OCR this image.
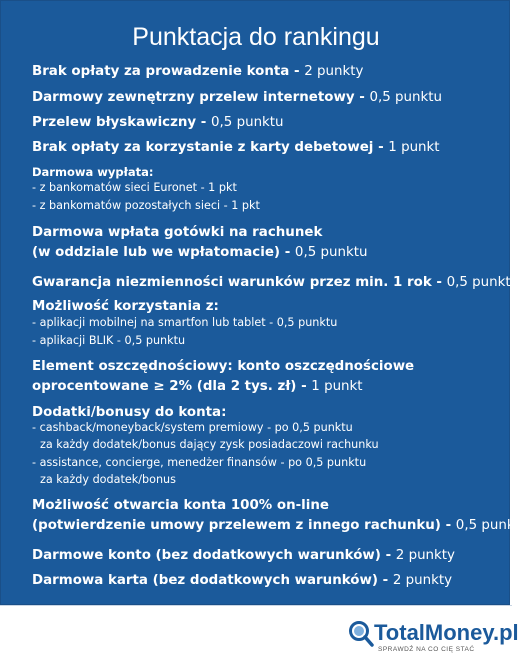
Punktacja do rankingu
Brak opłaty za prowadzenie konta - 2 punkty
Darmowy zewnętrzny przelew internetowy - 0,5 punktu
Przelew błyskawiczny - 0,5 punktu
Brak opłaty za korzystanie z karty debetowej - 1 punkt
Darmowa wypłata:
- z bankomatów sieci Euronet - 1 pkt
- z bankomatów pozostałych sieci - 1 pkt
Darmowa wpłata gotówki na rachunek
(w oddziale lub we wpłatomacie) - 0,5 punktu
Gwarancja niezmienności warunków przez min. 1 rok - 0,5 punktu
Możliwość korzystania z:
- aplikacji mobilnej na smartfon lub tablet - 0,5 punktu
- aplikacji BLIK - 0,5 punktu
Element oszczędnościowy: konto oszczędnościowe
oprocentowane ≥ 2% (dla 2 tys. zł) - 1 punkt
Dodatki/bonusy do konta:
- cashback/moneyback/system premiowy - po 0,5 punktu
za każdy dodatek/bonus dający zysk posiadaczowi rachunku
- assistance, concierge, menedżer finansów - po 0,5 punktu
za każdy dodatek/bonus
Możliwość otwarcia konta 100% on-line
(potwierdzenie umowy przelewem z innego rachunku) - 0,5 punktu
Darmowe konto (bez dodatkowych warunków) - 2 punkty
Darmowa karta (bez dodatkowych warunków) - 2 punkty
TotalMoney.pl
SPRAWDŹ NA CO CIĘ STAĆ
